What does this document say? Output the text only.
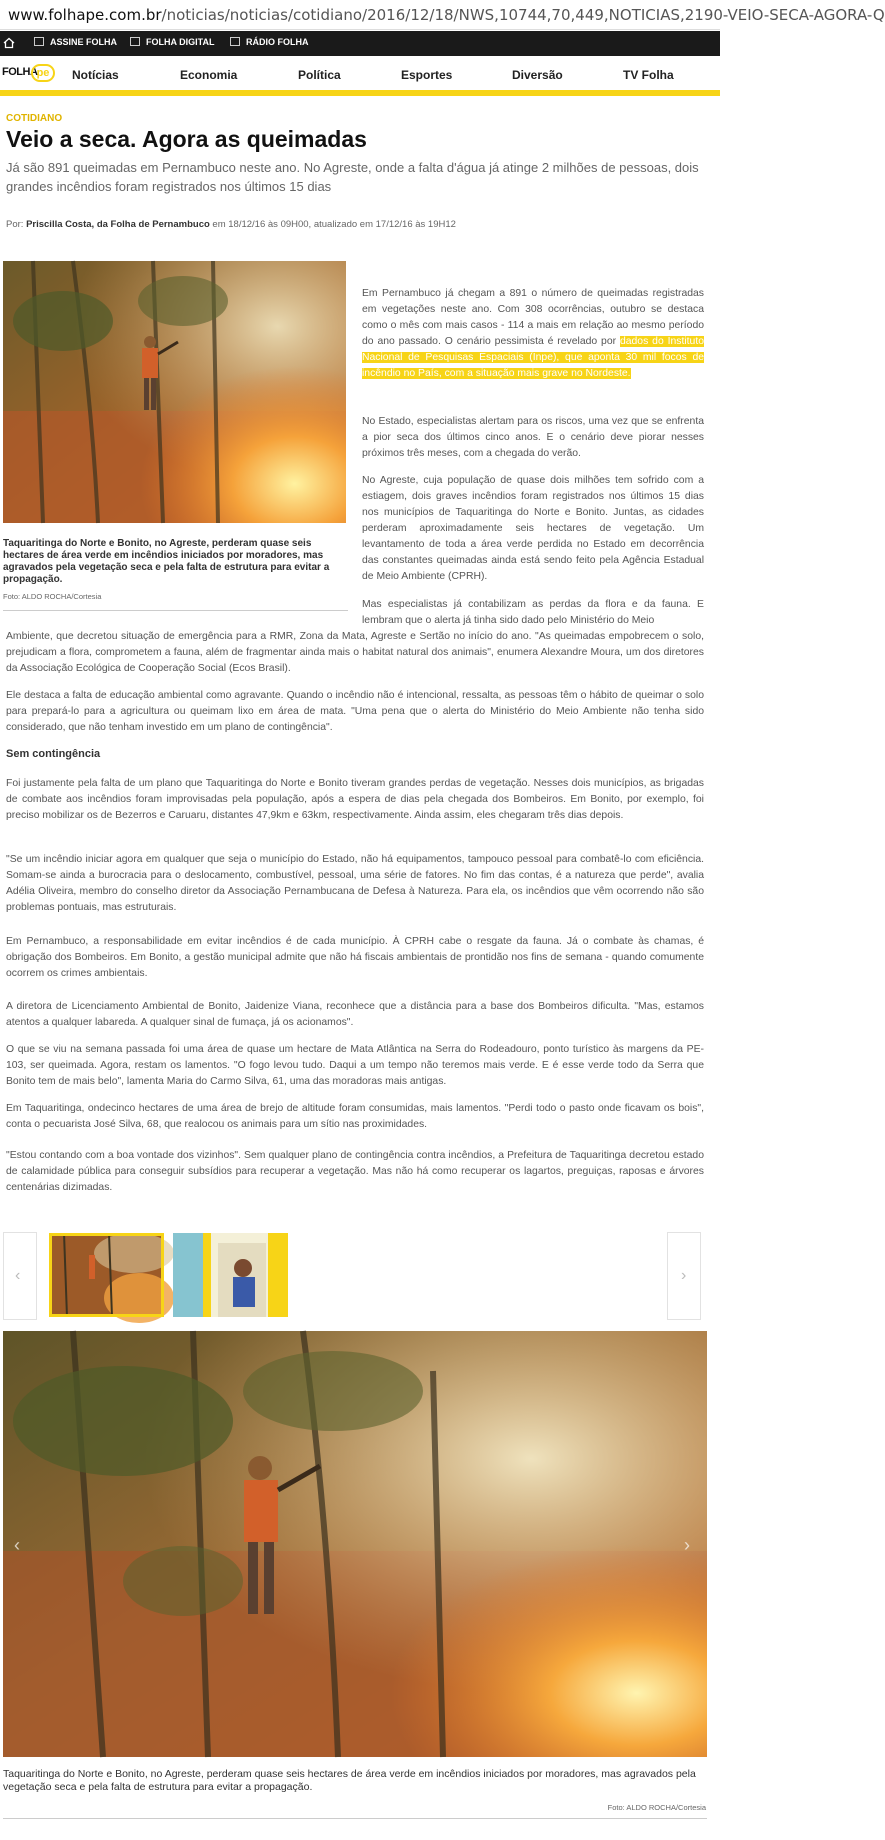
www.folhape.com.br/noticias/noticias/cotidiano/2016/12/18/NWS,10744,70,449,NOTICIAS,2190-VEIO-SECA-AGORA-Q
ASSINE FOLHA	FOLHA DIGITAL	RÁDIO FOLHA
FOLHA pe	Notícias	Economia	Política	Esportes	Diversão	TV Folha
COTIDIANO
Veio a seca. Agora as queimadas
Já são 891 queimadas em Pernambuco neste ano. No Agreste, onde a falta d'água já atinge 2 milhões de pessoas, dois grandes incêndios foram registrados nos últimos 15 dias
Por: Priscilla Costa, da Folha de Pernambuco em 18/12/16 às 09H00, atualizado em 17/12/16 às 19H12
Taquaritinga do Norte e Bonito, no Agreste, perderam quase seis hectares de área verde em incêndios iniciados por moradores, mas agravados pela vegetação seca e pela falta de estrutura para evitar a propagação.
Foto: ALDO ROCHA/Cortesia
Em Pernambuco já chegam a 891 o número de queimadas registradas em vegetações neste ano. Com 308 ocorrências, outubro se destaca como o mês com mais casos - 114 a mais em relação ao mesmo período do ano passado. O cenário pessimista é revelado por dados do Instituto Nacional de Pesquisas Espaciais (Inpe), que aponta 30 mil focos de incêndio no País, com a situação mais grave no Nordeste.
No Estado, especialistas alertam para os riscos, uma vez que se enfrenta a pior seca dos últimos cinco anos. E o cenário deve piorar nesses próximos três meses, com a chegada do verão.
No Agreste, cuja população de quase dois milhões tem sofrido com a estiagem, dois graves incêndios foram registrados nos últimos 15 dias nos municípios de Taquaritinga do Norte e Bonito. Juntas, as cidades perderam aproximadamente seis hectares de vegetação. Um levantamento de toda a área verde perdida no Estado em decorrência das constantes queimadas ainda está sendo feito pela Agência Estadual de Meio Ambiente (CPRH).
Mas especialistas já contabilizam as perdas da flora e da fauna. E lembram que o alerta já tinha sido dado pelo Ministério do Meio
Ambiente, que decretou situação de emergência para a RMR, Zona da Mata, Agreste e Sertão no início do ano. "As queimadas empobrecem o solo, prejudicam a flora, comprometem a fauna, além de fragmentar ainda mais o habitat natural dos animais", enumera Alexandre Moura, um dos diretores da Associação Ecológica de Cooperação Social (Ecos Brasil).
Ele destaca a falta de educação ambiental como agravante. Quando o incêndio não é intencional, ressalta, as pessoas têm o hábito de queimar o solo para prepará-lo para a agricultura ou queimam lixo em área de mata. "Uma pena que o alerta do Ministério do Meio Ambiente não tenha sido considerado, que não tenham investido em um plano de contingência".
Sem contingência
Foi justamente pela falta de um plano que Taquaritinga do Norte e Bonito tiveram grandes perdas de vegetação. Nesses dois municípios, as brigadas de combate aos incêndios foram improvisadas pela população, após a espera de dias pela chegada dos Bombeiros. Em Bonito, por exemplo, foi preciso mobilizar os de Bezerros e Caruaru, distantes 47,9km e 63km, respectivamente. Ainda assim, eles chegaram três dias depois.
"Se um incêndio iniciar agora em qualquer que seja o município do Estado, não há equipamentos, tampouco pessoal para combatê-lo com eficiência. Somam-se ainda a burocracia para o deslocamento, combustível, pessoal, uma série de fatores. No fim das contas, é a natureza que perde", avalia Adélia Oliveira, membro do conselho diretor da Associação Pernambucana de Defesa à Natureza. Para ela, os incêndios que vêm ocorrendo não são problemas pontuais, mas estruturais.
Em Pernambuco, a responsabilidade em evitar incêndios é de cada município. À CPRH cabe o resgate da fauna. Já o combate às chamas, é obrigação dos Bombeiros. Em Bonito, a gestão municipal admite que não há fiscais ambientais de prontidão nos fins de semana - quando comumente ocorrem os crimes ambientais.
A diretora de Licenciamento Ambiental de Bonito, Jaidenize Viana, reconhece que a distância para a base dos Bombeiros dificulta. "Mas, estamos atentos a qualquer labareda. A qualquer sinal de fumaça, já os acionamos".
O que se viu na semana passada foi uma área de quase um hectare de Mata Atlântica na Serra do Rodeadouro, ponto turístico às margens da PE-103, ser queimada. Agora, restam os lamentos. "O fogo levou tudo. Daqui a um tempo não teremos mais verde. E é esse verde todo da Serra que Bonito tem de mais belo", lamenta Maria do Carmo Silva, 61, uma das moradoras mais antigas.
Em Taquaritinga, ondecinco hectares de uma área de brejo de altitude foram consumidas, mais lamentos. "Perdi todo o pasto onde ficavam os bois", conta o pecuarista José Silva, 68, que realocou os animais para um sítio nas proximidades.
"Estou contando com a boa vontade dos vizinhos". Sem qualquer plano de contingência contra incêndios, a Prefeitura de Taquaritinga decretou estado de calamidade pública para conseguir subsídios para recuperar a vegetação. Mas não há como recuperar os lagartos, preguiças, raposas e árvores centenárias dizimadas.
‹	›
‹	›
Taquaritinga do Norte e Bonito, no Agreste, perderam quase seis hectares de área verde em incêndios iniciados por moradores, mas agravados pela vegetação seca e pela falta de estrutura para evitar a propagação.
Foto: ALDO ROCHA/Cortesia
